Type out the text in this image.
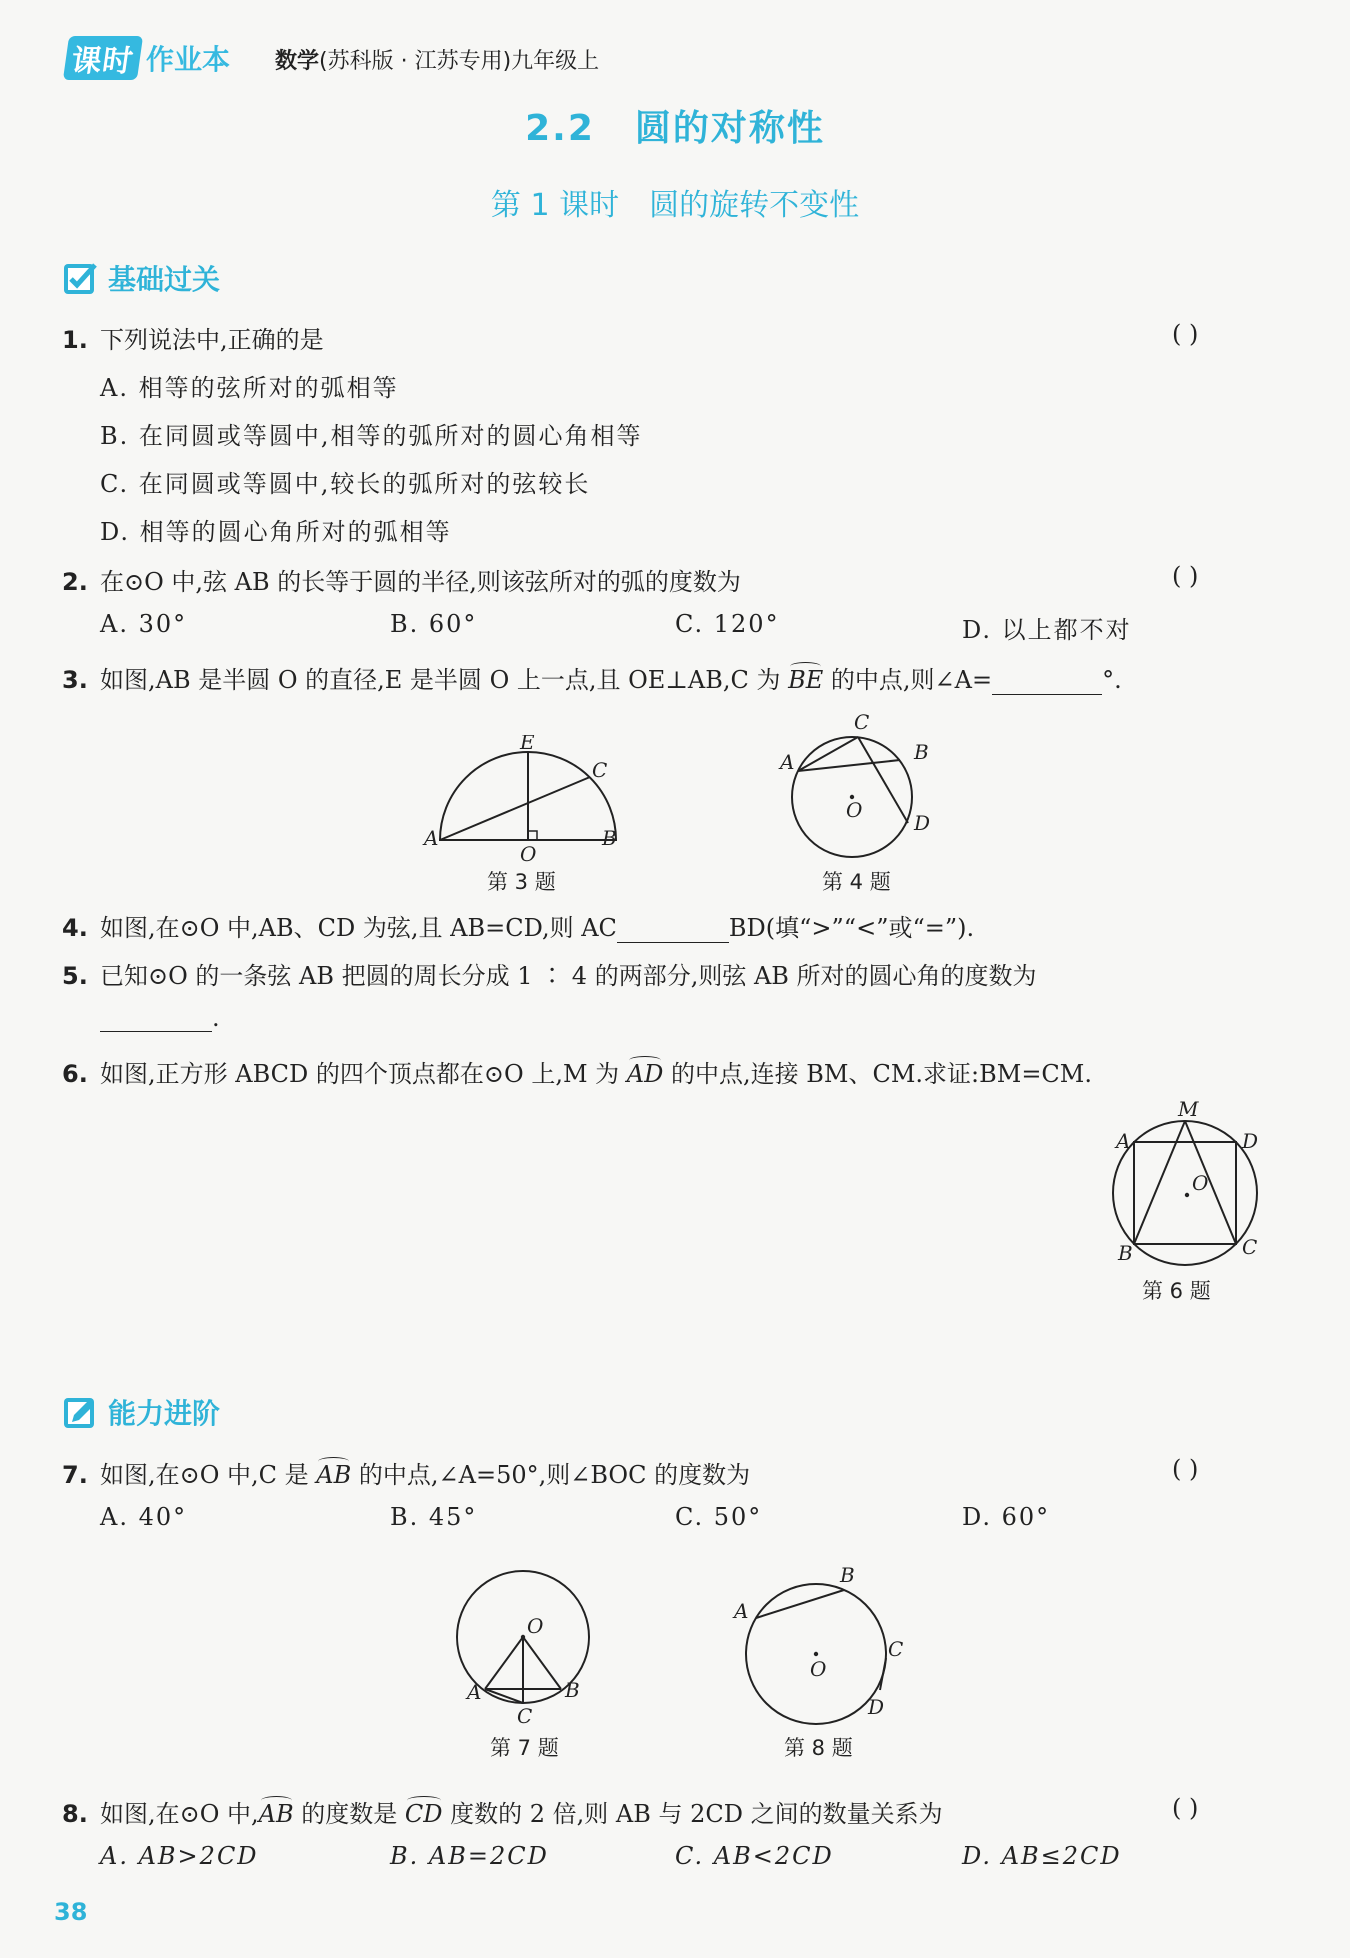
课时 作业本 数学(苏科版 · 江苏专用)九年级上
2.2 圆的对称性
第 1 课时 圆的旋转不变性
基础过关
1. 下列说法中,正确的是	( )
A. 相等的弦所对的弧相等
B. 在同圆或等圆中,相等的弧所对的圆心角相等
C. 在同圆或等圆中,较长的弧所对的弦较长
D. 相等的圆心角所对的弧相等
2. 在⊙O 中,弦 AB 的长等于圆的半径,则该弦所对的弧的度数为	( )
A. 30°	B. 60°	C. 120°	D. 以上都不对
3. 如图,AB 是半圆 O 的直径,E 是半圆 O 上一点,且 OE⊥AB,C 为 BE 的中点,则∠A=	°.
E
C
A
O
B
第 3 题
A
C
B
O
D
第 4 题
4. 如图,在⊙O 中,AB、CD 为弦,且 AB=CD,则 AC	BD(填“>”“<”或“=”).
5. 已知⊙O 的一条弦 AB 把圆的周长分成 1 ∶ 4 的两部分,则弦 AB 所对的圆心角的度数为
.
6. 如图,正方形 ABCD 的四个顶点都在⊙O 上,M 为 AD 的中点,连接 BM、CM.求证:BM=CM.
M
A	D
O
B	C
第 6 题
能力进阶
7. 如图,在⊙O 中,C 是 AB 的中点,∠A=50°,则∠BOC 的度数为	( )
A. 40°	B. 45°	C. 50°	D. 60°
O
A	B
C
第 7 题
B
A
C
O
D
第 8 题
8. 如图,在⊙O 中,AB 的度数是 CD 度数的 2 倍,则 AB 与 2CD 之间的数量关系为	( )
A. AB>2CD	B. AB=2CD	C. AB<2CD	D. AB≤2CD
38
